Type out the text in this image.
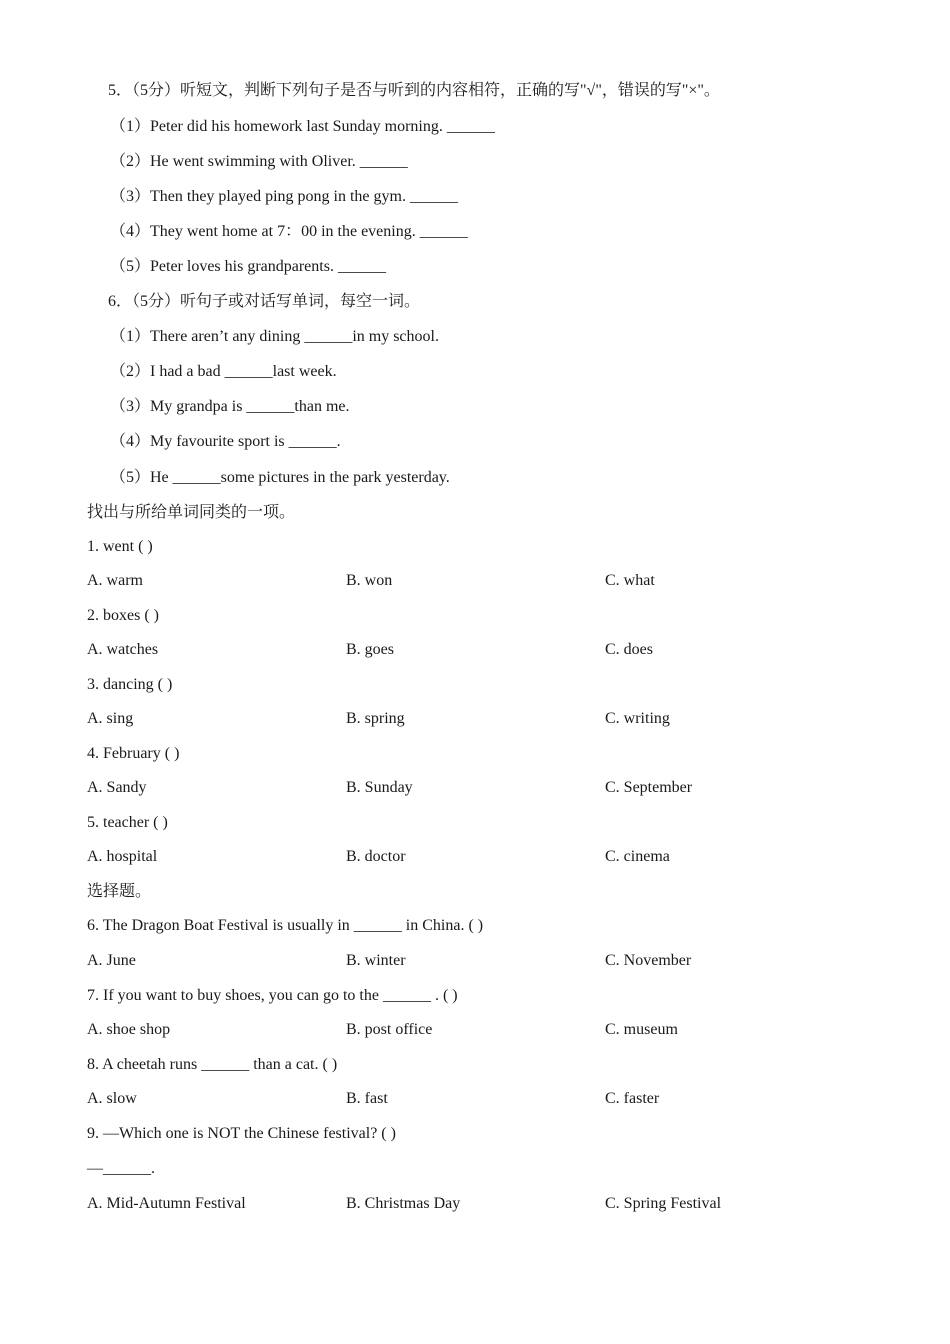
5．（5分）听短文，判断下列句子是否与听到的内容相符，正确的写"√"，错误的写"×"。
（1）Peter did his homework last Sunday morning. ______
（2）He went swimming with Oliver. ______
（3）Then they played ping pong in the gym. ______
（4）They went home at 7：00 in the evening. ______
（5）Peter loves his grandparents. ______
6．（5分）听句子或对话写单词，每空一词。
（1）There aren’t any dining ______in my school.
（2）I had a bad ______last week.
（3）My grandpa is ______than me.
（4）My favourite sport is ______.
（5）He ______some pictures in the park yesterday.
找出与所给单词同类的一项。
1. went ( )
A. warm	B. won	C. what
2. boxes ( )
A. watches	B. goes	C. does
3. dancing ( )
A. sing	B. spring	C. writing
4. February ( )
A. Sandy	B. Sunday	C. September
5. teacher ( )
A. hospital	B. doctor	C. cinema
选择题。
6. The Dragon Boat Festival is usually in ______ in China. ( )
A. June	B. winter	C. November
7. If you want to buy shoes, you can go to the ______ . ( )
A. shoe shop	B. post office	C. museum
8. A cheetah runs ______ than a cat. ( )
A. slow	B. fast	C. faster
9. —Which one is NOT the Chinese festival? ( )
—______.
A. Mid-Autumn Festival	B. Christmas Day	C. Spring Festival
